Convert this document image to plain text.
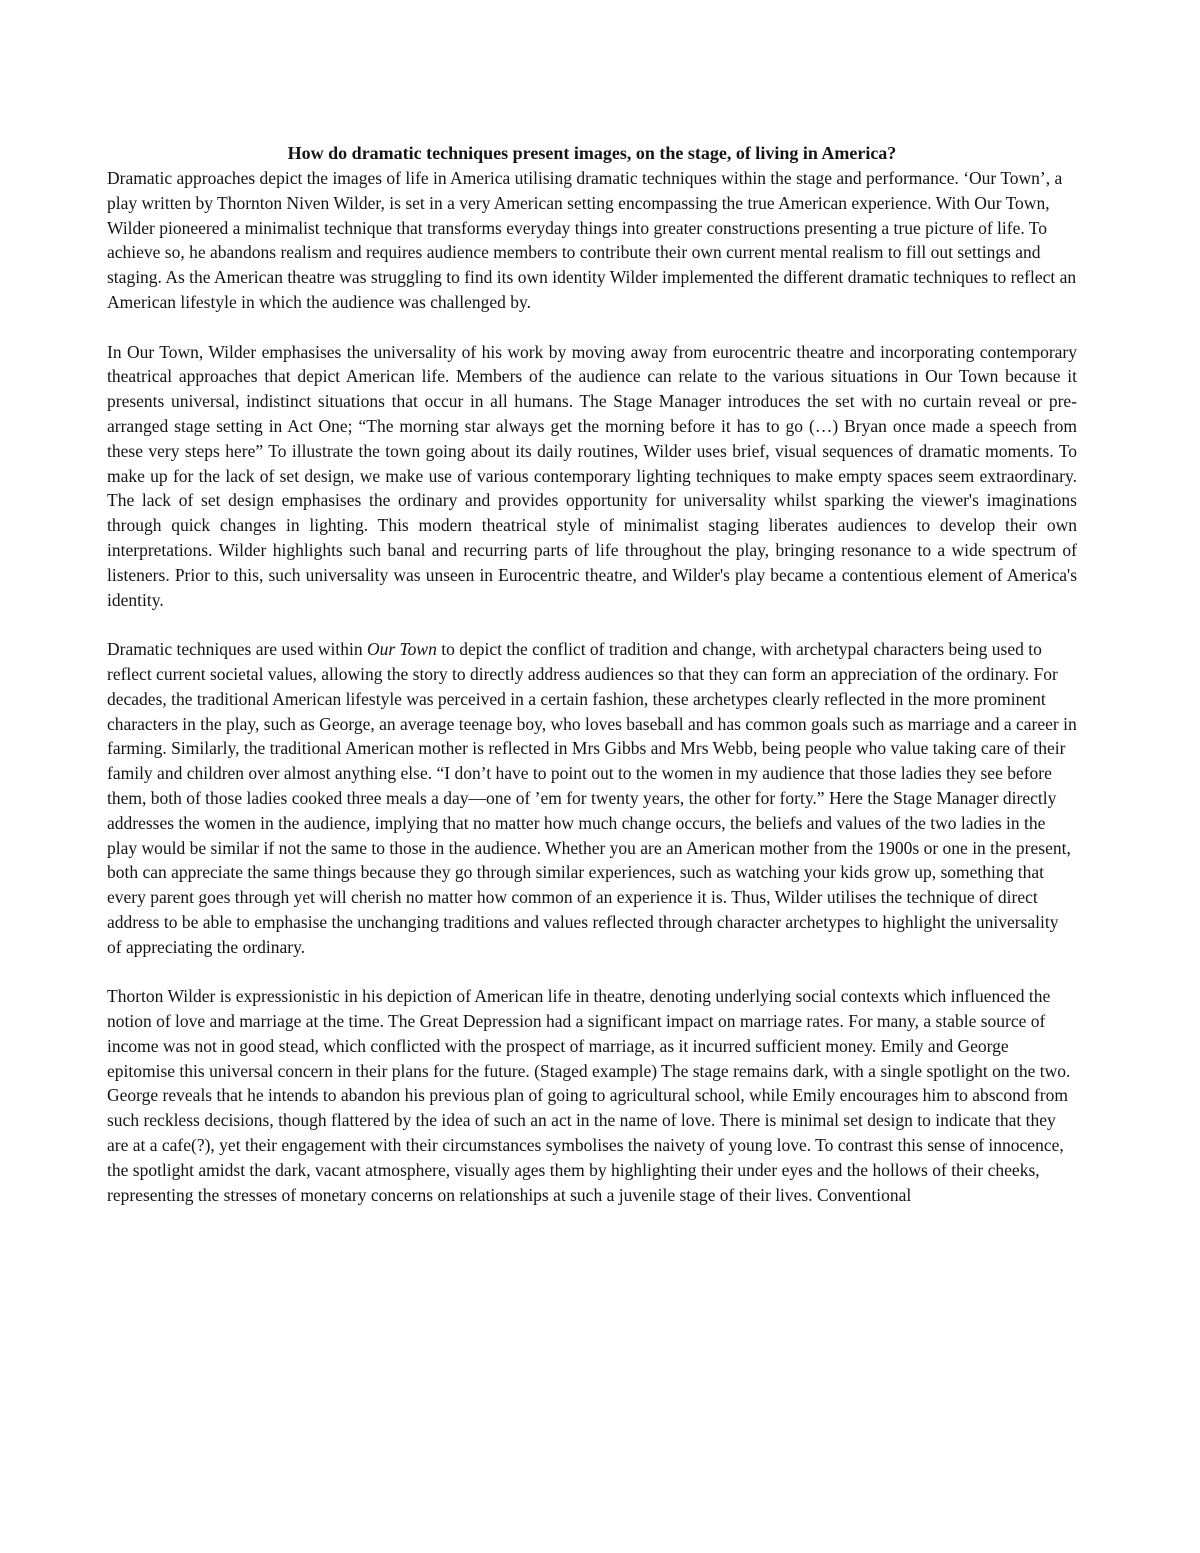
How do dramatic techniques present images, on the stage, of living in America?

Dramatic approaches depict the images of life in America utilising dramatic techniques within the stage and performance. ‘Our Town’, a play written by Thornton Niven Wilder, is set in a very American setting encompassing the true American experience. With Our Town, Wilder pioneered a minimalist technique that transforms everyday things into greater constructions presenting a true picture of life. To achieve so, he abandons realism and requires audience members to contribute their own current mental realism to fill out settings and staging. As the American theatre was struggling to find its own identity Wilder implemented the different dramatic techniques to reflect an American lifestyle in which the audience was challenged by.

In Our Town, Wilder emphasises the universality of his work by moving away from eurocentric theatre and incorporating contemporary theatrical approaches that depict American life. Members of the audience can relate to the various situations in Our Town because it presents universal, indistinct situations that occur in all humans. The Stage Manager introduces the set with no curtain reveal or pre-arranged stage setting in Act One; “The morning star always get the morning before it has to go (…) Bryan once made a speech from these very steps here” To illustrate the town going about its daily routines, Wilder uses brief, visual sequences of dramatic moments. To make up for the lack of set design, we make use of various contemporary lighting techniques to make empty spaces seem extraordinary. The lack of set design emphasises the ordinary and provides opportunity for universality whilst sparking the viewer's imaginations through quick changes in lighting. This modern theatrical style of minimalist staging liberates audiences to develop their own interpretations. Wilder highlights such banal and recurring parts of life throughout the play, bringing resonance to a wide spectrum of listeners. Prior to this, such universality was unseen in Eurocentric theatre, and Wilder's play became a contentious element of America's identity.

Dramatic techniques are used within Our Town to depict the conflict of tradition and change, with archetypal characters being used to reflect current societal values, allowing the story to directly address audiences so that they can form an appreciation of the ordinary. For decades, the traditional American lifestyle was perceived in a certain fashion, these archetypes clearly reflected in the more prominent characters in the play, such as George, an average teenage boy, who loves baseball and has common goals such as marriage and a career in farming. Similarly, the traditional American mother is reflected in Mrs Gibbs and Mrs Webb, being people who value taking care of their family and children over almost anything else. “I don’t have to point out to the women in my audience that those ladies they see before them, both of those ladies cooked three meals a day—one of ’em for twenty years, the other for forty.” Here the Stage Manager directly addresses the women in the audience, implying that no matter how much change occurs, the beliefs and values of the two ladies in the play would be similar if not the same to those in the audience. Whether you are an American mother from the 1900s or one in the present, both can appreciate the same things because they go through similar experiences, such as watching your kids grow up, something that every parent goes through yet will cherish no matter how common of an experience it is. Thus, Wilder utilises the technique of direct address to be able to emphasise the unchanging traditions and values reflected through character archetypes to highlight the universality of appreciating the ordinary.

Thorton Wilder is expressionistic in his depiction of American life in theatre, denoting underlying social contexts which influenced the notion of love and marriage at the time. The Great Depression had a significant impact on marriage rates. For many, a stable source of income was not in good stead, which conflicted with the prospect of marriage, as it incurred sufficient money. Emily and George epitomise this universal concern in their plans for the future. (Staged example) The stage remains dark, with a single spotlight on the two. George reveals that he intends to abandon his previous plan of going to agricultural school, while Emily encourages him to abscond from such reckless decisions, though flattered by the idea of such an act in the name of love. There is minimal set design to indicate that they are at a cafe(?), yet their engagement with their circumstances symbolises the naivety of young love. To contrast this sense of innocence, the spotlight amidst the dark, vacant atmosphere, visually ages them by highlighting their under eyes and the hollows of their cheeks, representing the stresses of monetary concerns on relationships at such a juvenile stage of their lives. Conventional
